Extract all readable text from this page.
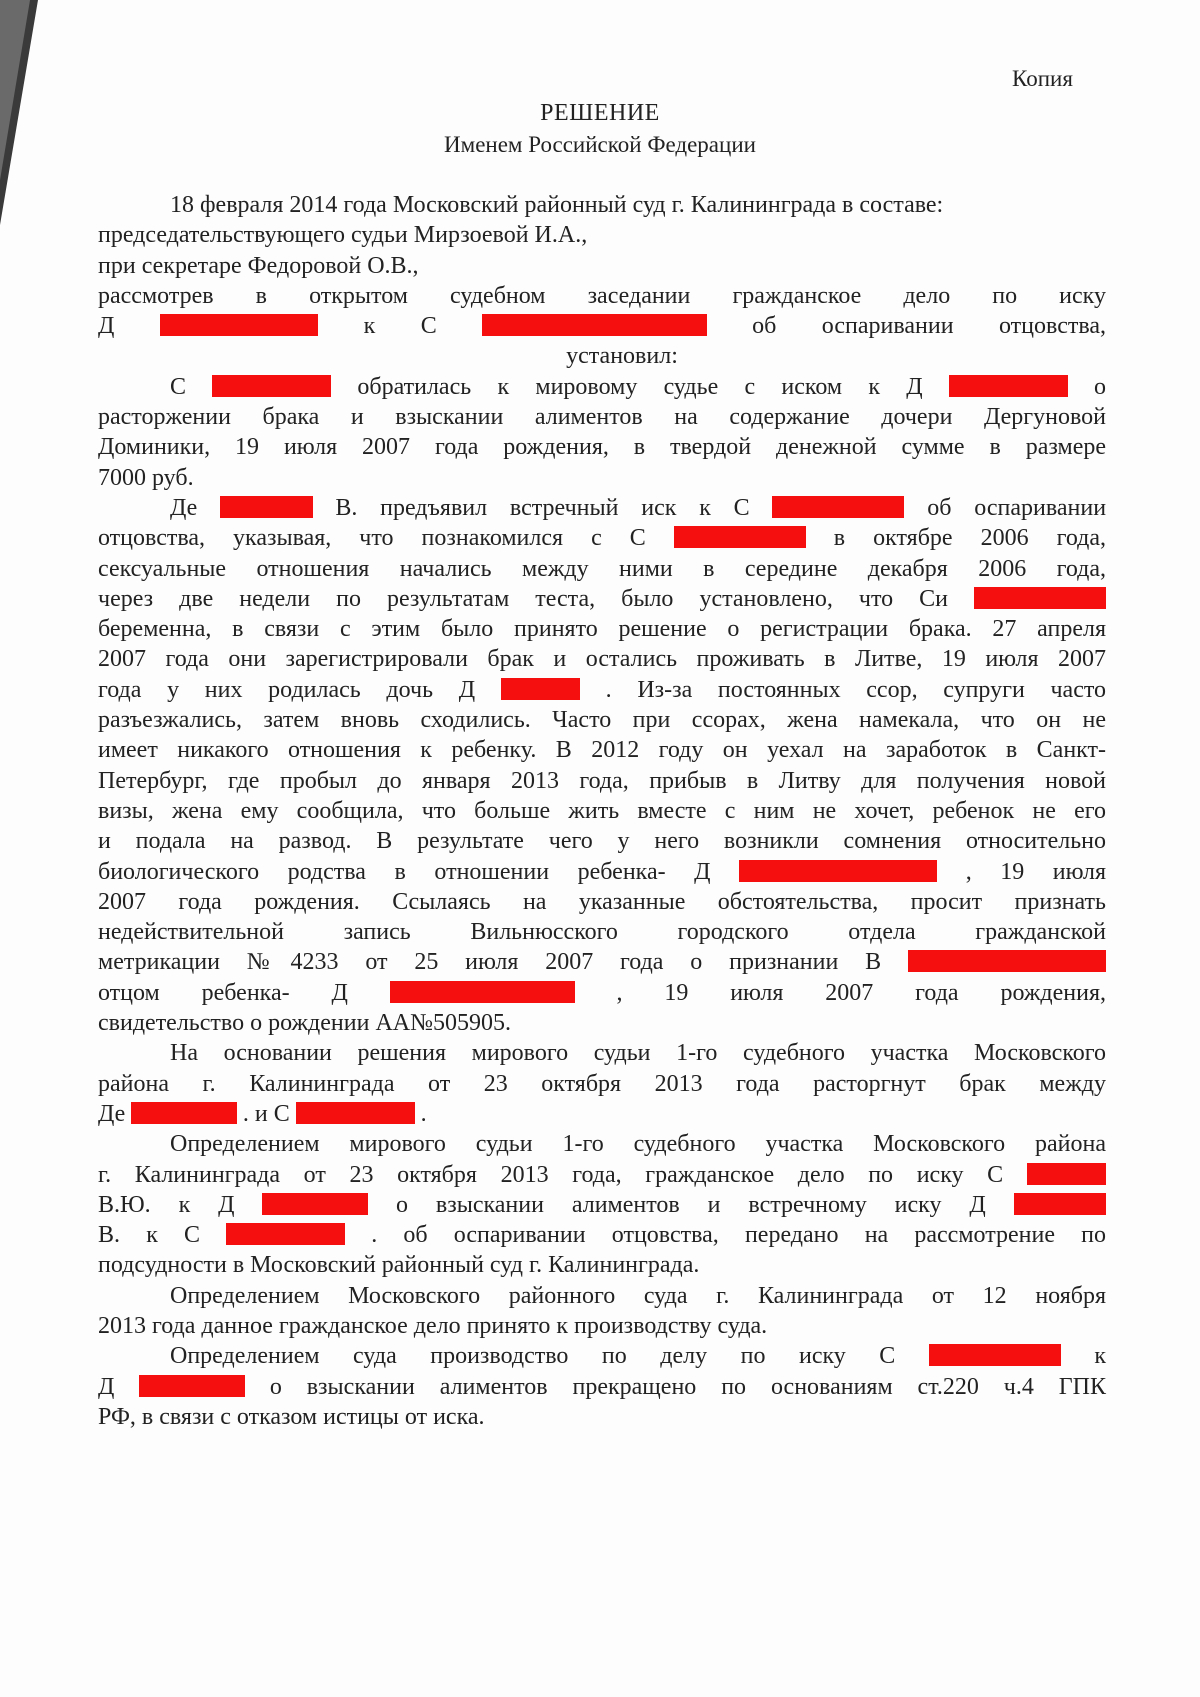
Копия
РЕШЕНИЕ
Именем Российской Федерации
18 февраля 2014 года Московский районный суд г. Калининграда в составе:
председательствующего судьи Мирзоевой И.А.,
при секретаре Федоровой О.В.,
рассмотрев в открытом судебном заседании гражданское дело по иску
Д	к С	об оспаривании отцовства,
установил:
С	обратилась к мировому судье с иском к Д	о
расторжении брака и взыскании алиментов на содержание дочери Дергуновой
Доминики, 19 июля 2007 года рождения, в твердой денежной сумме в размере
7000 руб.
Де	В. предъявил встречный иск к С	об оспаривании
отцовства, указывая, что познакомился с С	в октябре 2006 года,
сексуальные отношения начались между ними в середине декабря 2006 года,
через две недели по результатам теста, было установлено, что Си
беременна, в связи с этим было принято решение о регистрации брака. 27 апреля
2007 года они зарегистрировали брак и остались проживать в Литве, 19 июля 2007
года у них родилась дочь Д	. Из-за постоянных ссор, супруги часто
разъезжались, затем вновь сходились. Часто при ссорах, жена намекала, что он не
имеет никакого отношения к ребенку. В 2012 году он уехал на заработок в Санкт-
Петербург, где пробыл до января 2013 года, прибыв в Литву для получения новой
визы, жена ему сообщила, что больше жить вместе с ним не хочет, ребенок не его
и подала на развод. В результате чего у него возникли сомнения относительно
биологического родства в отношении ребенка- Д	, 19 июля
2007 года рождения. Ссылаясь на указанные обстоятельства, просит признать
недействительной запись Вильнюсского городского отдела гражданской
метрикации №4233 от 25 июля 2007 года о признании В
отцом ребенка- Д	, 19 июля 2007 года рождения,
свидетельство о рождении АА№505905.
На основании решения мирового судьи 1-го судебного участка Московского
района г. Калининграда от 23 октября 2013 года расторгнут брак между
Де	. и С	.
Определением мирового судьи 1-го судебного участка Московского района
г. Калининграда от 23 октября 2013 года, гражданское дело по иску С
В.Ю. к Д	о взыскании алиментов и встречному иску Д
В. к С	. об оспаривании отцовства, передано на рассмотрение по
подсудности в Московский районный суд г. Калининграда.
Определением Московского районного суда г. Калининграда от 12 ноября
2013 года данное гражданское дело принято к производству суда.
Определением суда производство по делу по иску С	к
Д	о взыскании алиментов прекращено по основаниям ст.220 ч.4 ГПК
РФ, в связи с отказом истицы от иска.
